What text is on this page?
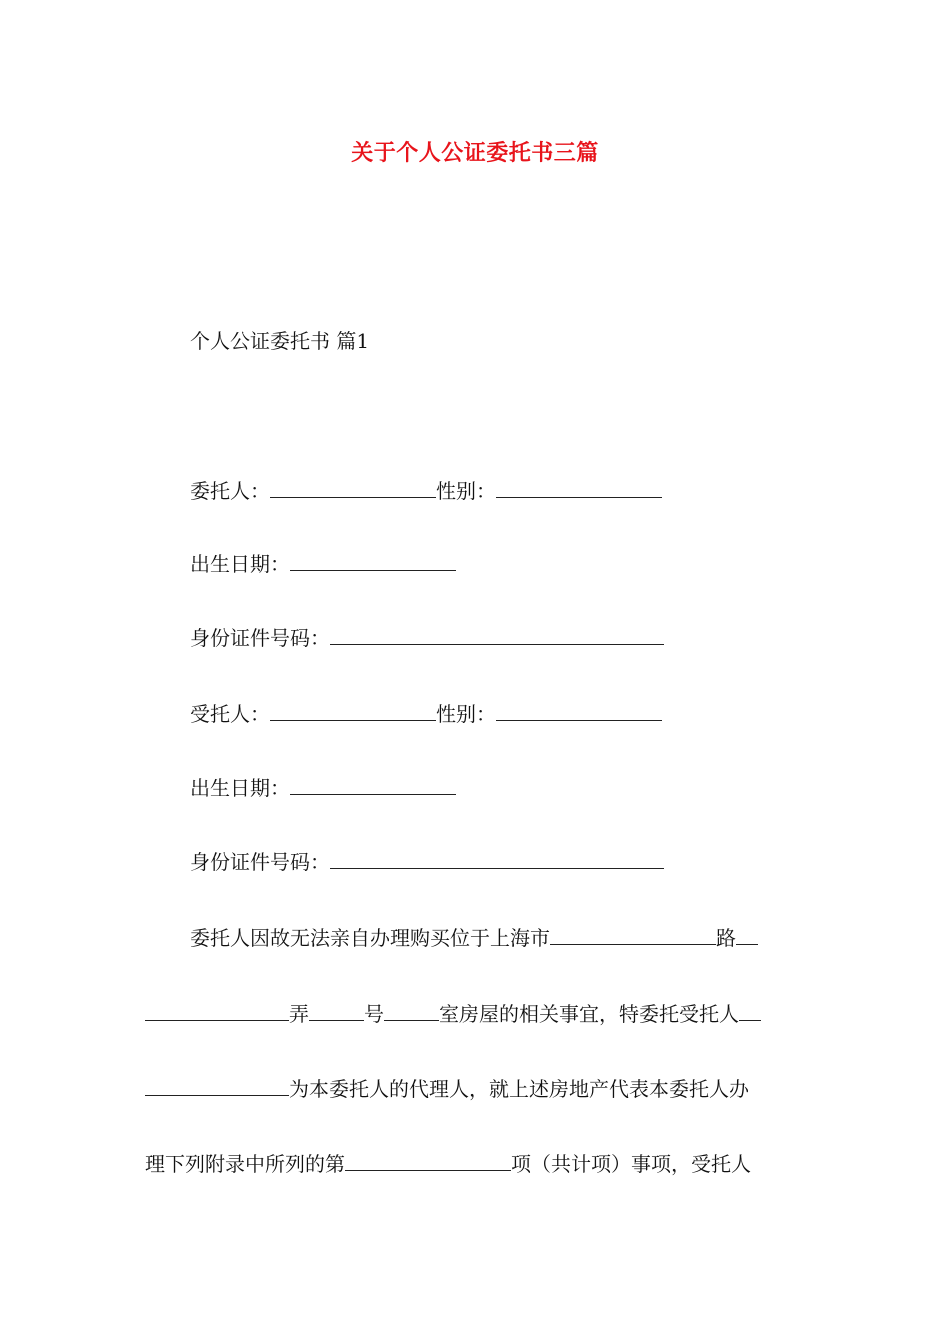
关于个人公证委托书三篇
个人公证委托书 篇1
委托人：	性别：
出生日期：
身份证件号码：
受托人：	性别：
出生日期：
身份证件号码：
委托人因故无法亲自办理购买位于上海市	路
弄	号	室房屋的相关事宜，特委托受托人
为本委托人的代理人，就上述房地产代表本委托人办
理下列附录中所列的第	项（共计项）事项，受托人
